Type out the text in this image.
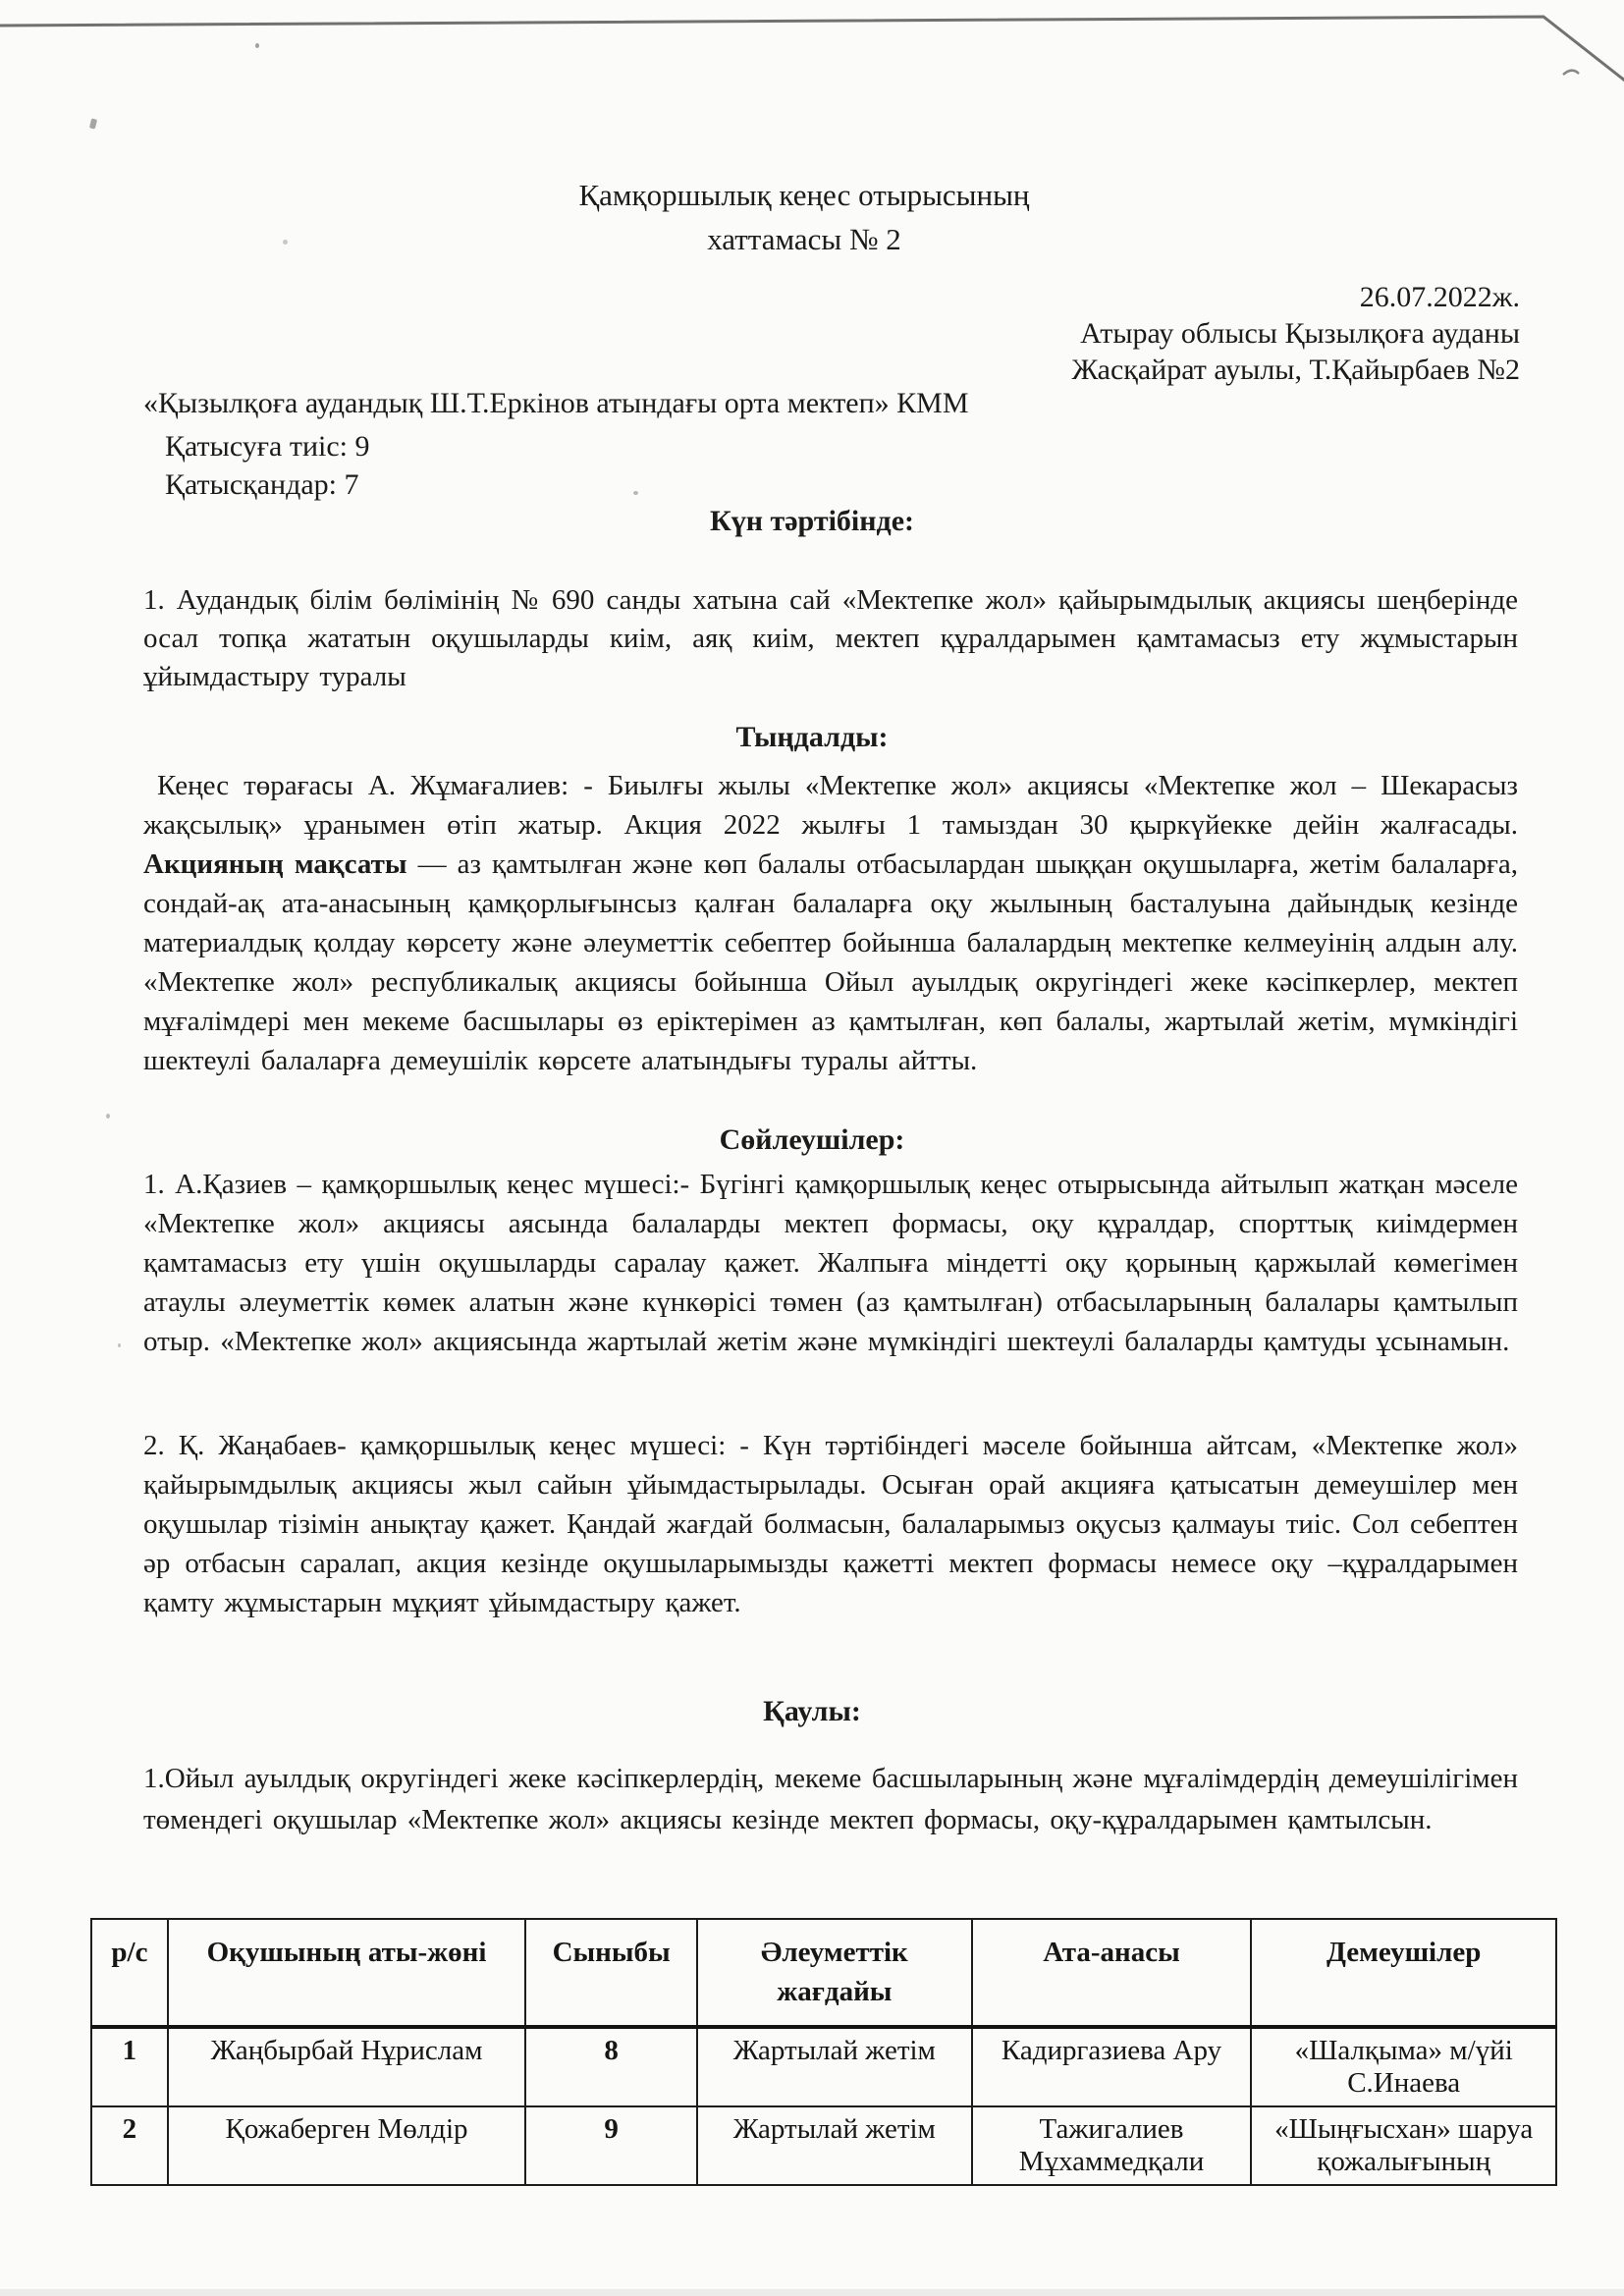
Қамқоршылық кеңес отырысының
хаттамасы № 2
26.07.2022ж.
Атырау облысы Қызылқоға ауданы
Жасқайрат ауылы, Т.Қайырбаев №2
«Қызылқоға аудандық Ш.Т.Еркінов атындағы орта мектеп» КММ
Қатысуға тиіс: 9
Қатысқандар: 7
Күн тәртібінде:
1. Аудандық білім бөлімінің № 690 санды хатына сай «Мектепке жол» қайырымдылық акциясы шеңберінде осал топқа жататын оқушыларды киім, аяқ киім, мектеп құралдарымен қамтамасыз ету жұмыстарын ұйымдастыру туралы
Тыңдалды:
Кеңес төрағасы А. Жұмағалиев: - Биылғы жылы «Мектепке жол» акциясы «Мектепке жол – Шекарасыз жақсылық» ұранымен өтіп жатыр. Акция 2022 жылғы 1 тамыздан 30 қыркүйекке дейін жалғасады. Акцияның мақсаты — аз қамтылған және көп балалы отбасылардан шыққан оқушыларға, жетім балаларға, сондай-ақ ата-анасының қамқорлығынсыз қалған балаларға оқу жылының басталуына дайындық кезінде материалдық қолдау көрсету және әлеуметтік себептер бойынша балалардың мектепке келмеуінің алдын алу. «Мектепке жол» республикалық акциясы бойынша Ойыл ауылдық округіндегі жеке кәсіпкерлер, мектеп мұғалімдері мен мекеме басшылары өз еріктерімен аз қамтылған, көп балалы, жартылай жетім, мүмкіндігі шектеулі балаларға демеушілік көрсете алатындығы туралы айтты.
Сөйлеушілер:
1. А.Қазиев – қамқоршылық кеңес мүшесі:- Бүгінгі қамқоршылық кеңес отырысында айтылып жатқан мәселе «Мектепке жол» акциясы аясында балаларды мектеп формасы, оқу құралдар, спорттық киімдермен қамтамасыз ету үшін оқушыларды саралау қажет. Жалпыға міндетті оқу қорының қаржылай көмегімен атаулы әлеуметтік көмек алатын және күнкөрісі төмен (аз қамтылған) отбасыларының балалары қамтылып отыр. «Мектепке жол» акциясында жартылай жетім және мүмкіндігі шектеулі балаларды қамтуды ұсынамын.
2. Қ. Жаңабаев- қамқоршылық кеңес мүшесі: - Күн тәртібіндегі мәселе бойынша айтсам, «Мектепке жол» қайырымдылық акциясы жыл сайын ұйымдастырылады. Осыған орай акцияға қатысатын демеушілер мен оқушылар тізімін анықтау қажет. Қандай жағдай болмасын, балаларымыз оқусыз қалмауы тиіс. Сол себептен әр отбасын саралап, акция кезінде оқушыларымызды қажетті мектеп формасы немесе оқу –құралдарымен қамту жұмыстарын мұқият ұйымдастыру қажет.
Қаулы:
1.Ойыл ауылдық округіндегі жеке кәсіпкерлердің, мекеме басшыларының және мұғалімдердің демеушілігімен төмендегі оқушылар «Мектепке жол» акциясы кезінде мектеп формасы, оқу-құралдарымен қамтылсын.
р/с	Оқушының аты-жөні	Сыныбы	Әлеуметтік жағдайы	Ата-анасы	Демеушілер
1	Жаңбырбай Нұрислам	8	Жартылай жетім	Кадиргазиева Ару	«Шалқыма» м/үйі С.Инаева
2	Қожаберген Мөлдір	9	Жартылай жетім	Тажигалиев Мұхаммедқали	«Шыңғысхан» шаруа қожалығының
